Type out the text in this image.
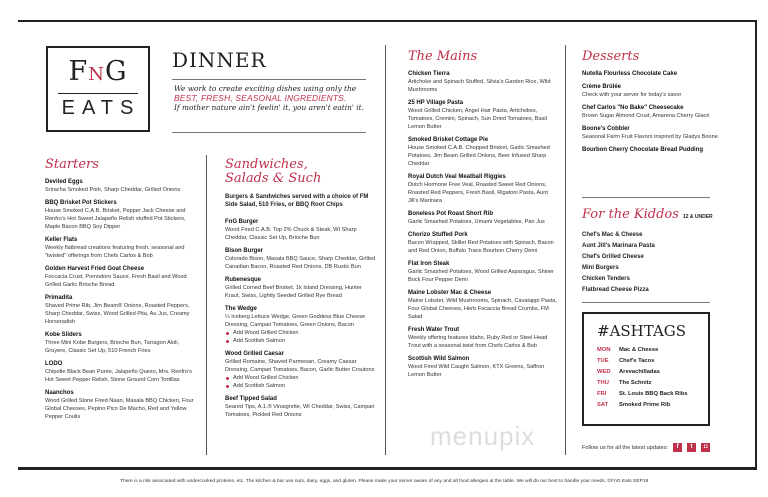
FNG
EATS
DINNER
We work to create exciting dishes using only the
BEST, FRESH, SEASONAL INGREDIENTS.
If mother nature ain't feelin' it, you aren't eatin' it.
Starters
Deviled Eggs
Sriracha Smoked Pork, Sharp Cheddar, Grilled Onions
BBQ Brisket Pot Stickers
House Smoked C.A.B. Brisket, Pepper Jack Cheese and Renfro's Hot Sweet Jalapeño Relish stuffed Pot Stickers, Maple Bacon BBQ Soy Dipper
Keller Flats
Weekly flatbread creations featuring fresh, seasonal and "twisted" offerings from Chefs Carlos & Bob
Golden Harvest Fried Goat Cheese
Foccacia Crust, Pomodoro Sauce, Fresh Basil and Wood Grilled Garlic Brioche Bread
Primadita
Shaved Prime Rib, Jim Beam® Onions, Roasted Peppers, Sharp Cheddar, Swiss, Wood Grilled Pita, Au Jus, Creamy Horseradish
Kobe Sliders
Three Mini Kobe Burgers, Brioche Bun, Tarragon Aioli, Gruyere, Classic Set Up, 510 French Fries
LODO
Chipotle Black Bean Purée, Jalapeño Queso, Mrs. Renfro's Hot Sweet Pepper Relish, Stone Ground Corn Tortillas
Naanchos
Wood Grilled Stone Fired Naan, Masala BBQ Chicken, Four Global Cheeses, Pepino Pico De Macho, Red and Yellow Pepper Coulis
Sandwiches,
Salads & Such
Burgers & Sandwiches served with a choice of FM Side Salad, 510 Fries, or BBQ Root Chips
FnG Burger
Wood Fired C.A.B. Top 2% Chuck & Steak, WI Sharp Cheddar, Classic Set Up, Brioche Bun
Bison Burger
Colorado Bison, Masala BBQ Sauce, Sharp Cheddar, Grilled Canadian Bacon, Roasted Red Onions, DB Rustic Bun
Rubenesque
Grilled Corned Beef Brisket, 1k Island Dressing, Hunter Kraut, Swiss, Lightly Seeded Grilled Rye Bread
The Wedge
¼ Iceberg Lettuce Wedge, Green Goddess Blue Cheese Dressing, Campari Tomatoes, Green Onions, Bacon
Add Wood Grilled Chicken
Add Scottish Salmon
Wood Grilled Caesar
Grilled Romaine, Shaved Parmesan, Creamy Caesar Dressing, Campari Tomatoes, Bacon, Garlic Butter Croutons
Add Wood Grilled Chicken
Add Scottish Salmon
Beef Tipped Salad
Seared Tips, A.1.® Vinaigrette, WI Cheddar, Swiss, Campari Tomatoes, Pickled Red Onions
The Mains
Chicken Tierra
Artichoke and Spinach Stuffed, Silvia's Garden Rice, Wild Mushrooms
25 HP Village Pasta
Wood Grilled Chicken, Angel Hair Pasta, Artichokes, Tomatoes, Cremini, Spinach, Sun Dried Tomatoes, Basil Lemon Butter
Smoked Brisket Cottage Pie
House Smoked C.A.B. Chopped Brisket, Garlic Smashed Potatoes, Jim Beam Grilled Onions, Beer Infused Sharp Cheddar
Royal Dutch Veal Meatball Riggies
Dutch Hormone Free Veal, Roasted Sweet Red Onions, Roasted Red Peppers, Fresh Basil, Rigatoni Pasta, Aunt Jill's Marinara
Boneless Pot Roast Short Rib
Garlic Smashed Potatoes, Umami Vegetables, Pan Jus
Chorizo Stuffed Pork
Bacon Wrapped, Skillet Red Potatoes with Spinach, Bacon and Red Onion, Buffalo Trace Bourbon Cherry Demi
Flat Iron Steak
Garlic Smashed Potatoes, Wood Grilled Asparagus, Shiner Bock Four Pepper Demi
Maine Lobster Mac & Cheese
Maine Lobster, Wild Mushrooms, Spinach, Cavatappi Pasta, Four Global Cheeses, Herb Focaccia Bread Crumbs, FM Salad
Fresh Water Trout
Weekly offering features Idaho, Ruby Red or Steel Head Trout with a seasonal twist from Chefs Carlos & Bob
Scottish Wild Salmon
Wood Fired Wild Caught Salmon, KTX Greens, Saffron Lemon Butter
Desserts
Nutella Flourless Chocolate Cake
Crème Brûlée
Check with your server for today's savor
Chef Carlos "No Bake" Cheesecake
Brown Sugar Almond Crust, Amarena Cherry Glacé
Boone's Cobbler
Seasonal Farm Fruit Flavors inspired by Gladys Boone
Bourbon Cherry Chocolate Bread Pudding
For the Kiddos 12 & UNDER
Chef's Mac & Cheese
Aunt Jill's Marinara Pasta
Chef's Grilled Cheese
Mini Burgers
Chicken Tenders
Flatbread Cheese Pizza
#ASHTAGS
MON	Mac & Cheese
TUE	Chef's Tacos
WED	Arevachilladas
THU	The Schnitz
FRI	St. Louis BBQ Back Ribs
SAT	Smoked Prime Rib
Follow us for all the latest updates:	f	t	◘
menupix
There is a risk associated with undercooked proteins, etc. The kitchen & bar use nuts, dairy, eggs, and gluten. Please make your server aware of any and all food allergies at the table. We will do our best to handle your needs. ©FnG Eats SEP18
